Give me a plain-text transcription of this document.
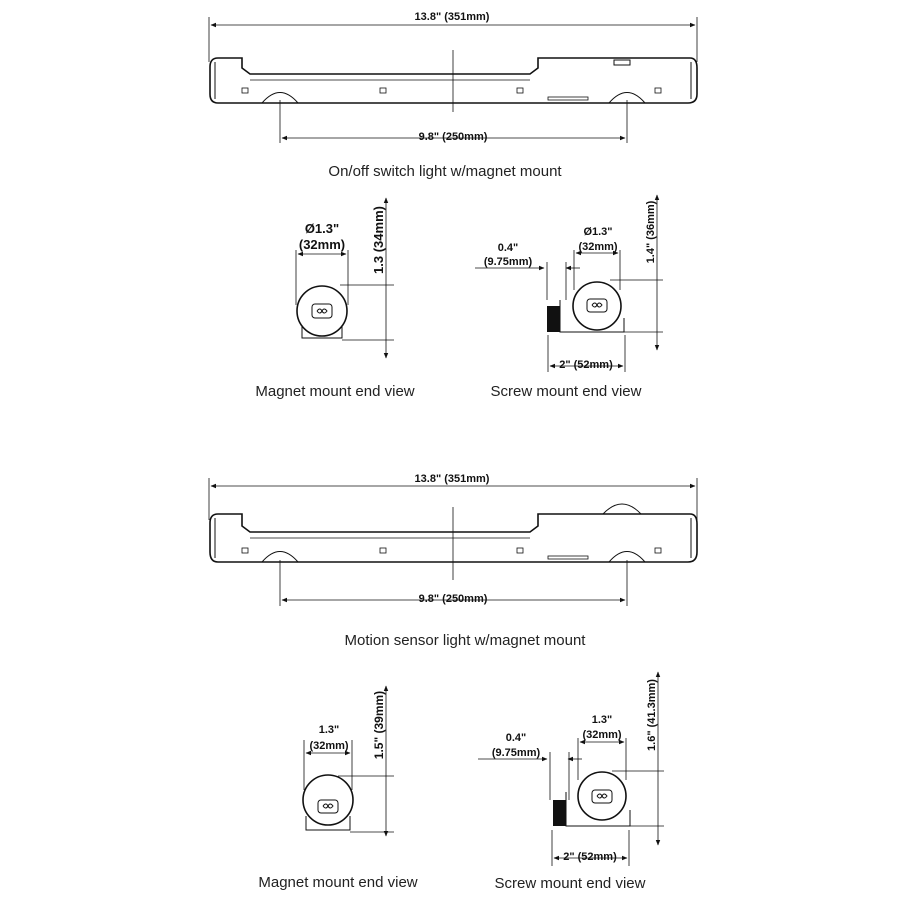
13.8" (351mm)
9.8" (250mm)
On/off switch light w/magnet mount
Ø1.3"
(32mm) 1.3 (34mm)
Magnet mount end view
0.4"
(9.75mm)
Ø1.3"
(32mm) 1.4" (36mm)
2" (52mm)
Screw mount end view
13.8" (351mm)
9.8" (250mm)
Motion sensor light w/magnet mount
1.3"
(32mm) 1.5" (39mm)
Magnet mount end view
0.4"
(9.75mm)
1.3"
(32mm) 1.6" (41.3mm)
2" (52mm)
Screw mount end view
